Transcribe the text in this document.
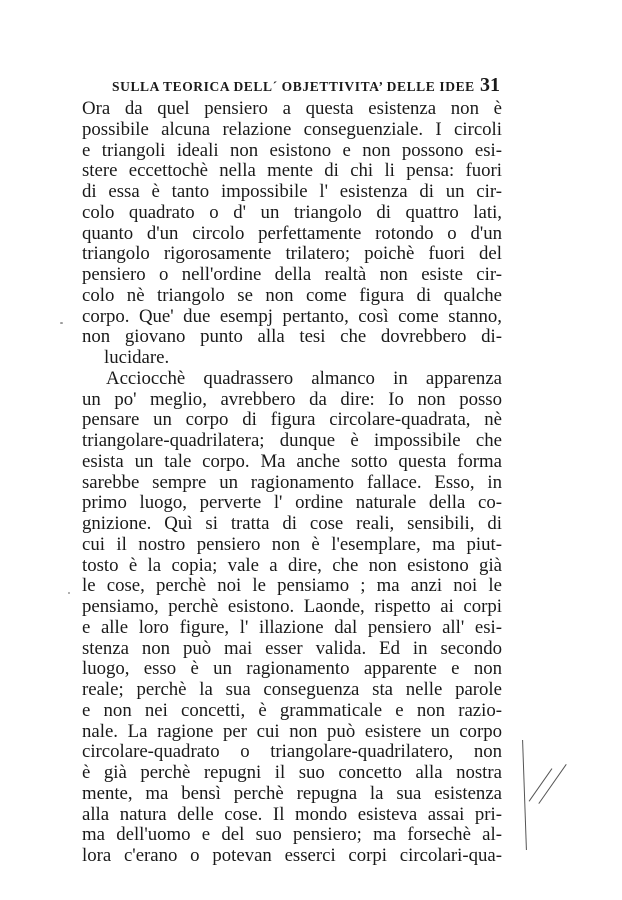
SULLA TEORICA DELL´ OBJETTIVITA’ DELLE IDEE 31
Ora da quel pensiero a questa esistenza non è
possibile alcuna relazione conseguenziale. I circoli
e triangoli ideali non esistono e non possono esi-
stere eccettochè nella mente di chi li pensa: fuori
di essa è tanto impossibile l' esistenza di un cir-
colo quadrato o d' un triangolo di quattro lati,
quanto d'un circolo perfettamente rotondo o d'un
triangolo rigorosamente trilatero; poichè fuori del
pensiero o nell'ordine della realtà non esiste cir-
colo nè triangolo se non come figura di qualche
corpo. Que' due esempj pertanto, così come stanno,
non giovano punto alla tesi che dovrebbero di-
lucidare.
Acciocchè quadrassero almanco in apparenza
un po' meglio, avrebbero da dire: Io non posso
pensare un corpo di figura circolare-quadrata, nè
triangolare-quadrilatera; dunque è impossibile che
esista un tale corpo. Ma anche sotto questa forma
sarebbe sempre un ragionamento fallace. Esso, in
primo luogo, perverte l' ordine naturale della co-
gnizione. Quì si tratta di cose reali, sensibili, di
cui il nostro pensiero non è l'esemplare, ma piut-
tosto è la copia; vale a dire, che non esistono già
le cose, perchè noi le pensiamo ; ma anzi noi le
pensiamo, perchè esistono. Laonde, rispetto ai corpi
e alle loro figure, l' illazione dal pensiero all' esi-
stenza non può mai esser valida. Ed in secondo
luogo, esso è un ragionamento apparente e non
reale; perchè la sua conseguenza sta nelle parole
e non nei concetti, è grammaticale e non razio-
nale. La ragione per cui non può esistere un corpo
circolare-quadrato o triangolare-quadrilatero, non
è già perchè repugni il suo concetto alla nostra
mente, ma bensì perchè repugna la sua esistenza
alla natura delle cose. Il mondo esisteva assai pri-
ma dell'uomo e del suo pensiero; ma forsechè al-
lora c'erano o potevan esserci corpi circolari-qua-
